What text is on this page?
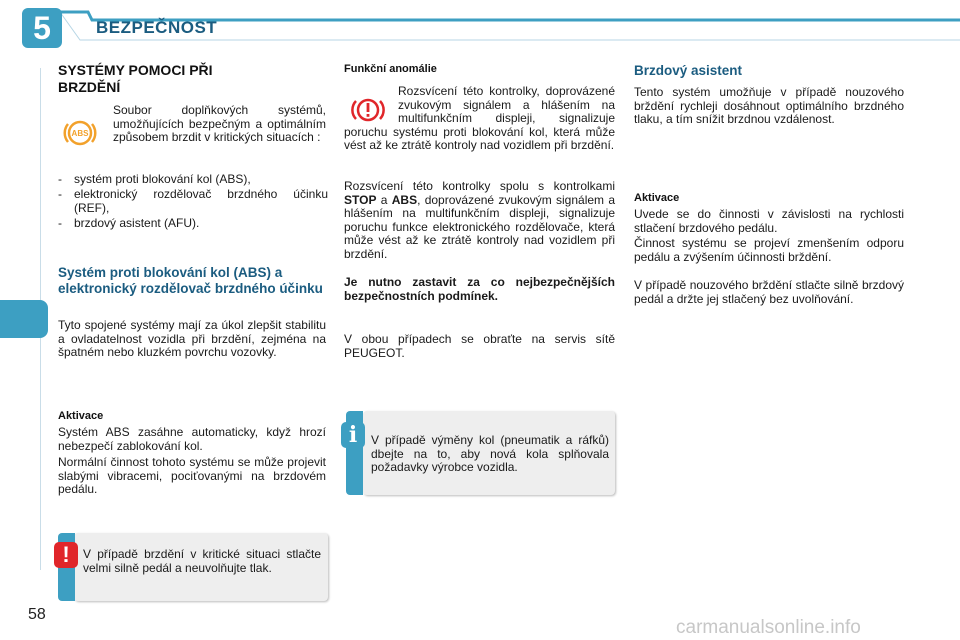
5	BEZPEČNOST
SYSTÉMY POMOCI PŘI BRZDĚNÍ
ABS
Soubor doplňkových systémů, umožňujících bezpečným a optimálním způsobem brzdit v kritických situacích :
- systém proti blokování kol (ABS),
-	elektronický rozdělovač brzdného účinku (REF),
- brzdový asistent (AFU).
Systém proti blokování kol (ABS) a elektronický rozdělovač brzdného účinku
Tyto spojené systémy mají za úkol zlepšit stabilitu a ovladatelnost vozidla při brzdění, zejména na špatném nebo kluzkém povrchu vozovky.
Aktivace
Systém ABS zasáhne automaticky, když hrozí nebezpečí zablokování kol.
Normální činnost tohoto systému se může projevit slabými vibracemi, pociťovanými na brzdovém pedálu.
!	V případě brzdění v kritické situaci stlačte velmi silně pedál a neuvolňujte tlak.
Funkční anomálie
Rozsvícení této kontrolky, doprovázené zvukovým signálem a hlášením na multifunkčním displeji, signalizuje poruchu systému proti blokování kol, která může vést až ke ztrátě kontroly nad vozidlem při brzdění.
Rozsvícení této kontrolky spolu s kontrolkami STOP a ABS, doprovázené zvukovým signálem a hlášením na multifunkčním displeji, signalizuje poruchu funkce elektronického rozdělovače, která může vést až ke ztrátě kontroly nad vozidlem při brzdění.
Je nutno zastavit za co nejbezpečnějších bezpečnostních podmínek.
V obou případech se obraťte na servis sítě PEUGEOT.
i	V případě výměny kol (pneumatik a ráfků) dbejte na to, aby nová kola splňovala požadavky výrobce vozidla.
Brzdový asistent
Tento systém umožňuje v případě nouzového brždění rychleji dosáhnout optimálního brzdného tlaku, a tím snížit brzdnou vzdálenost.
Aktivace
Uvede se do činnosti v závislosti na rychlosti stlačení brzdového pedálu.
Činnost systému se projeví zmenšením odporu pedálu a zvýšením účinnosti brždění.
V případě nouzového brždění stlačte silně brzdový pedál a držte jej stlačený bez uvolňování.
58
carmanualsonline.info
